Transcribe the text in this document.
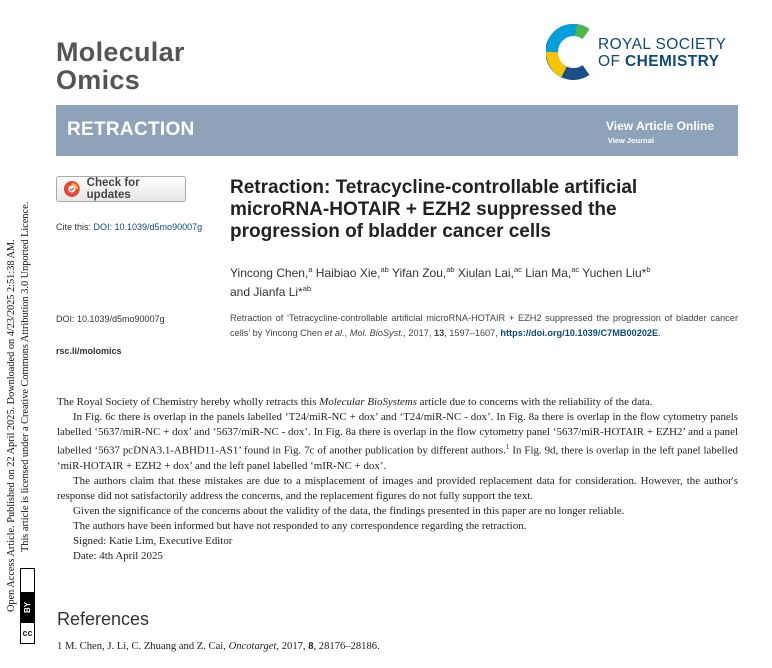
Open Access Article. Published on 22 April 2025. Downloaded on 4/23/2025 2:51:38 AM. This article is licensed under a Creative Commons Attribution 3.0 Unported Licence.
BY
cc
Molecular
Omics
ROYAL SOCIETY
OF CHEMISTRY
RETRACTION	View Article Online
View Journal
Check for updates
Cite this: DOI: 10.1039/d5mo90007g
Retraction: Tetracycline-controllable artificial microRNA-HOTAIR + EZH2 suppressed the progression of bladder cancer cells
Yincong Chen,$^a$ Haibiao Xie,$^{ab}$ Yifan Zou,$^{ab}$ Xiulan Lai,$^{ac}$ Lian Ma,$^{ac}$ Yuchen Liu*$^b$
and Jianfa Li*$^{ab}$
DOI: 10.1039/d5mo90007g
rsc.li/molomics
Retraction of ‘Tetracycline-controllable artificial microRNA-HOTAIR + EZH2 suppressed the progression of bladder cancer cells’ by Yincong Chen et al., Mol. BioSyst., 2017, 13, 1597–1607, https://doi.org/10.1039/C7MB00202E.

The Royal Society of Chemistry hereby wholly retracts this Molecular BioSystems article due to concerns with the reliability of the data.

In Fig. 6c there is overlap in the panels labelled ‘T24/miR-NC + dox’ and ‘T24/miR-NC - dox’. In Fig. 8a there is overlap in the flow cytometry panels labelled ‘5637/miR-NC + dox’ and ‘5637/miR-NC - dox’. In Fig. 8a there is overlap in the flow cytometry panel ‘5637/miR-HOTAIR + EZH2’ and a panel labelled ‘5637 pcDNA3.1-ABHD11-AS1’ found in Fig. 7c of another publication by different authors.$^1$ In Fig. 9d, there is overlap in the left panel labelled ‘miR-HOTAIR + EZH2 + dox’ and the left panel labelled ‘mIR-NC + dox’.

The authors claim that these mistakes are due to a misplacement of images and provided replacement data for consideration. However, the author's response did not satisfactorily address the concerns, and the replacement figures do not fully support the text.

Given the significance of the concerns about the validity of the data, the findings presented in this paper are no longer reliable.

The authors have been informed but have not responded to any correspondence regarding the retraction.

Signed: Katie Lim, Executive Editor

Date: 4th April 2025

References
1 M. Chen, J. Li, C. Zhuang and Z. Cai, Oncotarget, 2017, 8, 28176–28186.
